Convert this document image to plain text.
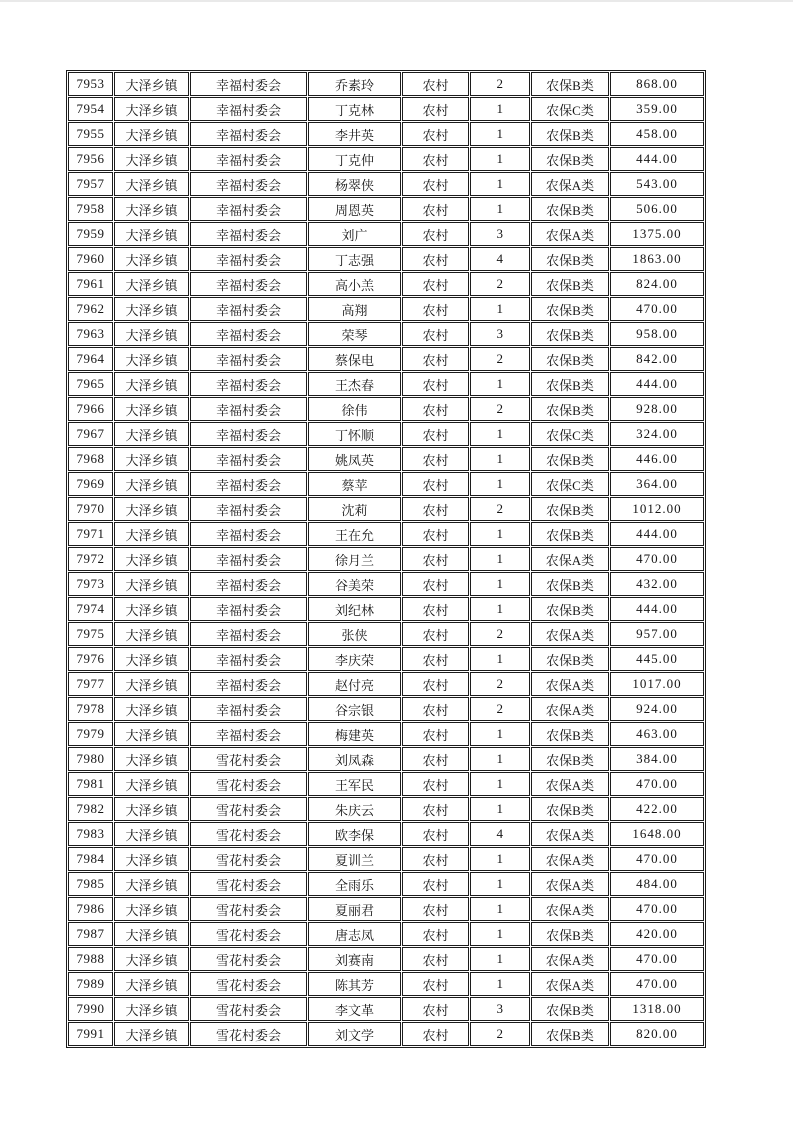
7953	大泽乡镇	幸福村委会	乔素玲	农村	2	农保B类	868.00
7954	大泽乡镇	幸福村委会	丁克林	农村	1	农保C类	359.00
7955	大泽乡镇	幸福村委会	李井英	农村	1	农保B类	458.00
7956	大泽乡镇	幸福村委会	丁克仲	农村	1	农保B类	444.00
7957	大泽乡镇	幸福村委会	杨翠侠	农村	1	农保A类	543.00
7958	大泽乡镇	幸福村委会	周恩英	农村	1	农保B类	506.00
7959	大泽乡镇	幸福村委会	刘广	农村	3	农保A类	1375.00
7960	大泽乡镇	幸福村委会	丁志强	农村	4	农保B类	1863.00
7961	大泽乡镇	幸福村委会	高小羔	农村	2	农保B类	824.00
7962	大泽乡镇	幸福村委会	高翔	农村	1	农保B类	470.00
7963	大泽乡镇	幸福村委会	荣琴	农村	3	农保B类	958.00
7964	大泽乡镇	幸福村委会	蔡保电	农村	2	农保B类	842.00
7965	大泽乡镇	幸福村委会	王杰春	农村	1	农保B类	444.00
7966	大泽乡镇	幸福村委会	徐伟	农村	2	农保B类	928.00
7967	大泽乡镇	幸福村委会	丁怀顺	农村	1	农保C类	324.00
7968	大泽乡镇	幸福村委会	姚凤英	农村	1	农保B类	446.00
7969	大泽乡镇	幸福村委会	蔡苹	农村	1	农保C类	364.00
7970	大泽乡镇	幸福村委会	沈莉	农村	2	农保B类	1012.00
7971	大泽乡镇	幸福村委会	王在允	农村	1	农保B类	444.00
7972	大泽乡镇	幸福村委会	徐月兰	农村	1	农保A类	470.00
7973	大泽乡镇	幸福村委会	谷美荣	农村	1	农保B类	432.00
7974	大泽乡镇	幸福村委会	刘纪林	农村	1	农保B类	444.00
7975	大泽乡镇	幸福村委会	张侠	农村	2	农保A类	957.00
7976	大泽乡镇	幸福村委会	李庆荣	农村	1	农保B类	445.00
7977	大泽乡镇	幸福村委会	赵付亮	农村	2	农保A类	1017.00
7978	大泽乡镇	幸福村委会	谷宗银	农村	2	农保A类	924.00
7979	大泽乡镇	幸福村委会	梅建英	农村	1	农保B类	463.00
7980	大泽乡镇	雪花村委会	刘凤森	农村	1	农保B类	384.00
7981	大泽乡镇	雪花村委会	王军民	农村	1	农保A类	470.00
7982	大泽乡镇	雪花村委会	朱庆云	农村	1	农保B类	422.00
7983	大泽乡镇	雪花村委会	欧李保	农村	4	农保A类	1648.00
7984	大泽乡镇	雪花村委会	夏训兰	农村	1	农保A类	470.00
7985	大泽乡镇	雪花村委会	全雨乐	农村	1	农保A类	484.00
7986	大泽乡镇	雪花村委会	夏丽君	农村	1	农保A类	470.00
7987	大泽乡镇	雪花村委会	唐志凤	农村	1	农保B类	420.00
7988	大泽乡镇	雪花村委会	刘赛南	农村	1	农保A类	470.00
7989	大泽乡镇	雪花村委会	陈其芳	农村	1	农保A类	470.00
7990	大泽乡镇	雪花村委会	李文革	农村	3	农保B类	1318.00
7991	大泽乡镇	雪花村委会	刘文学	农村	2	农保B类	820.00
